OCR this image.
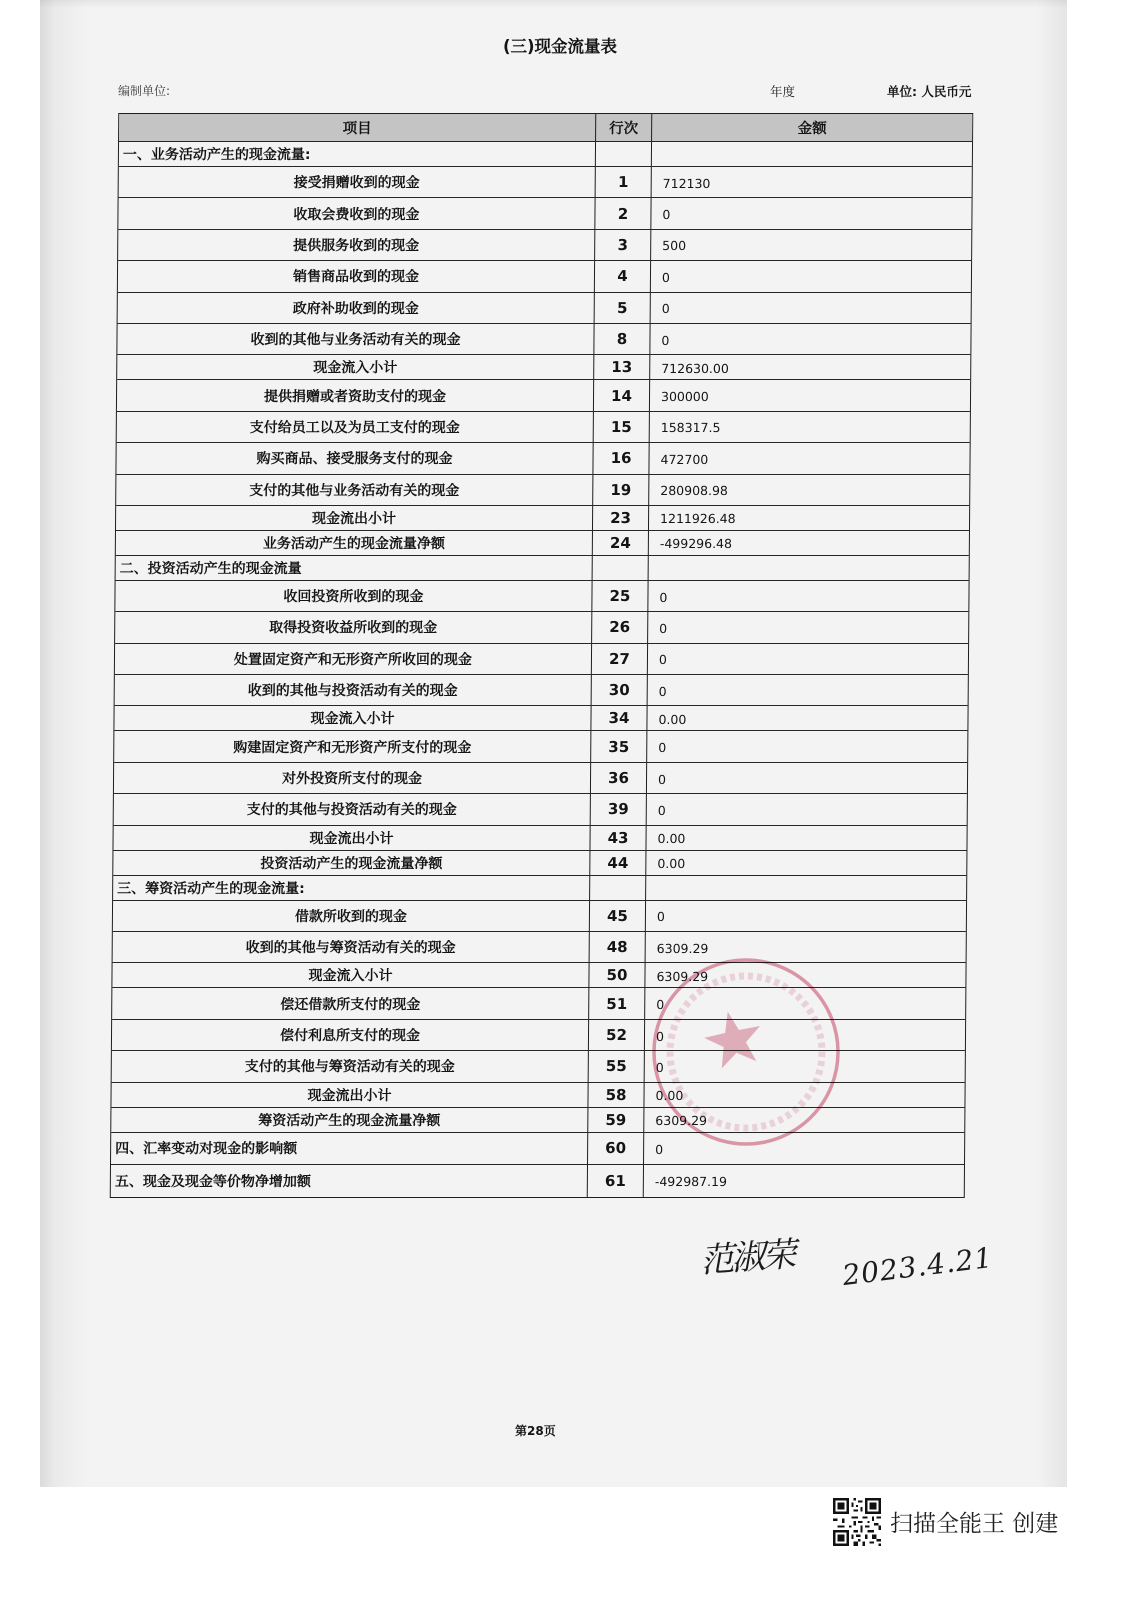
(三)现金流量表
编制单位:	年度	单位: 人民币元
项目	行次	金额
一、业务活动产生的现金流量:
接受捐赠收到的现金	1	712130
收取会费收到的现金	2	0
提供服务收到的现金	3	500
销售商品收到的现金	4	0
政府补助收到的现金	5	0
收到的其他与业务活动有关的现金	8	0
现金流入小计	13	712630.00
提供捐赠或者资助支付的现金	14	300000
支付给员工以及为员工支付的现金	15	158317.5
购买商品、接受服务支付的现金	16	472700
支付的其他与业务活动有关的现金	19	280908.98
现金流出小计	23	1211926.48
业务活动产生的现金流量净额	24	-499296.48
二、投资活动产生的现金流量
收回投资所收到的现金	25	0
取得投资收益所收到的现金	26	0
处置固定资产和无形资产所收回的现金	27	0
收到的其他与投资活动有关的现金	30	0
现金流入小计	34	0.00
购建固定资产和无形资产所支付的现金	35	0
对外投资所支付的现金	36	0
支付的其他与投资活动有关的现金	39	0
现金流出小计	43	0.00
投资活动产生的现金流量净额	44	0.00
三、筹资活动产生的现金流量:
借款所收到的现金	45	0
收到的其他与筹资活动有关的现金	48	6309.29
现金流入小计	50	6309.29
偿还借款所支付的现金	51	0
偿付利息所支付的现金	52	0
支付的其他与筹资活动有关的现金	55	0
现金流出小计	58	0.00
筹资活动产生的现金流量净额	59	6309.29
四、汇率变动对现金的影响额	60	0
五、现金及现金等价物净增加额	61	-492987.19
范淑荣 2023.4.21
第28页
扫描全能王 创建
